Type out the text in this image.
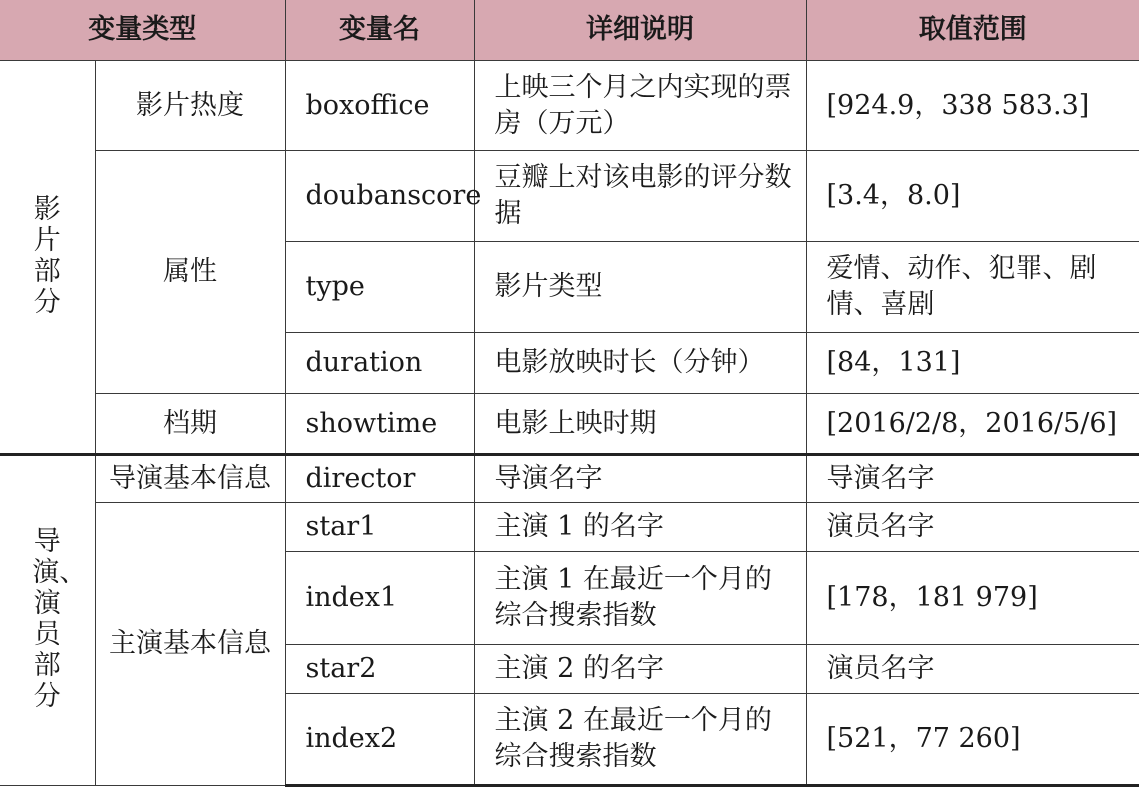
变量类型		变量名	详细说明	取值范围
影片部分	影片热度	boxoffice	上映三个月之内实现的票房（万元）	[924.9，338 583.3]
	属性	doubanscore	豆瓣上对该电影的评分数据	[3.4，8.0]
		type	影片类型	爱情、动作、犯罪、剧情、喜剧
		duration	电影放映时长（分钟）	[84，131]
	档期	showtime	电影上映时期	[2016/2/8，2016/5/6]
导演、演员部分	导演基本信息	director	导演名字	导演名字
	主演基本信息	star1	主演 1 的名字	演员名字
		index1	主演 1 在最近一个月的综合搜索指数	[178，181 979]
		star2	主演 2 的名字	演员名字
		index2	主演 2 在最近一个月的综合搜索指数	[521，77 260]
